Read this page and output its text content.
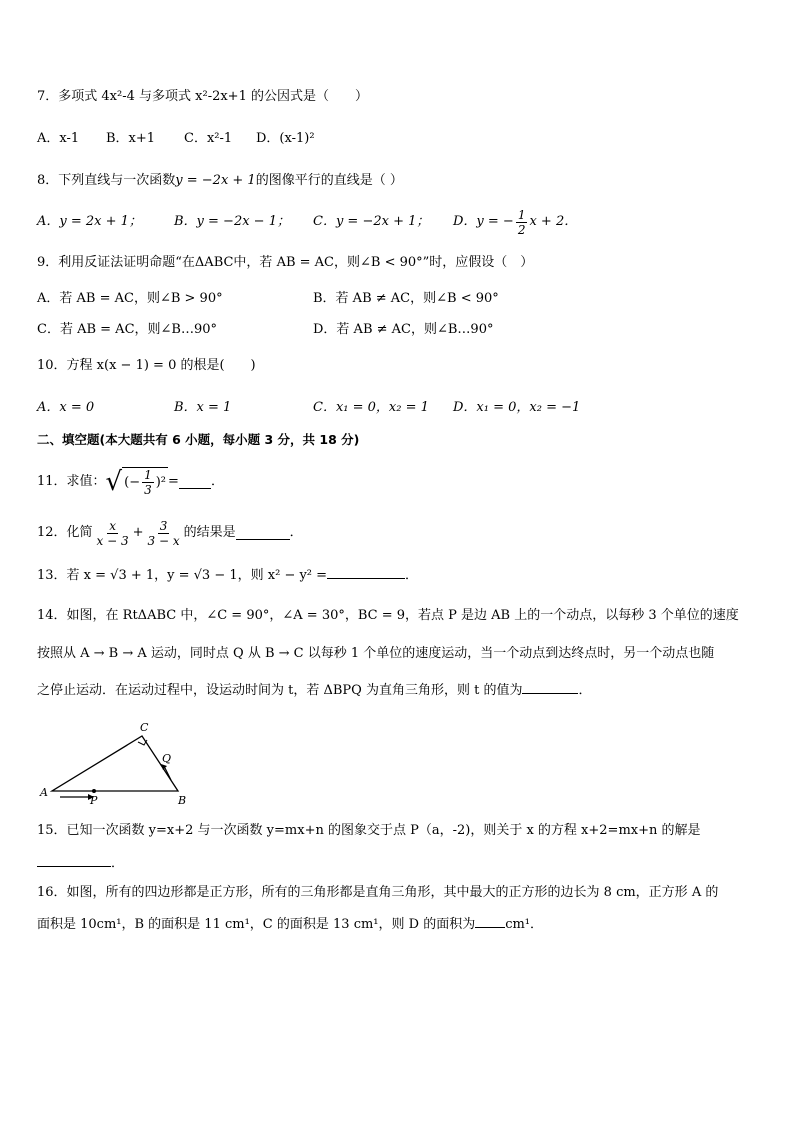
7．多项式 4x²-4 与多项式 x²-2x+1 的公因式是（　　）
A．x-1 B．x+1 C．x²-1 D．(x-1)²
8．下列直线与一次函数y = −2x + 1的图像平行的直线是（ ）
A．y = 2x + 1； B．y = −2x − 1； C．y = −2x + 1； D．y = − $\frac{1}{2}$ x + 2．
9．利用反证法证明命题“在ΔABC中，若 AB = AC，则∠B < 90°”时，应假设（　）
A．若 AB = AC，则∠B > 90°	B．若 AB ≠ AC，则∠B < 90°
C．若 AB = AC，则∠B…90°	D．若 AB ≠ AC，则∠B…90°
10．方程 x(x − 1) = 0 的根是(　　)
A．x = 0	B．x = 1	C．x₁ = 0，x₂ = 1 D．x₁ = 0，x₂ = −1
二、填空题(本大题共有 6 小题，每小题 3 分，共 18 分)
11．求值： √ (− $\frac{1}{3} )^2$ = ．
12．化简 $\frac{x}{x - 3} + \frac{3}{3 - x}$ 的结果是	．
13．若 x = √3 + 1，y = √3 − 1，则 x² − y² =	．
14．如图，在 RtΔABC 中，∠C = 90°，∠A = 30°，BC = 9，若点 P 是边 AB 上的一个动点，以每秒 3 个单位的速度
按照从 A → B → A 运动，同时点 Q 从 B → C 以每秒 1 个单位的速度运动，当一个动点到达终点时，另一个动点也随
之停止运动．在运动过程中，设运动时间为 t，若 ΔBPQ 为直角三角形，则 t 的值为	．
A
B
C
P
Q
15．已知一次函数 y=x+2 与一次函数 y=mx+n 的图象交于点 P（a，-2)，则关于 x 的方程 x+2=mx+n 的解是
．
16．如图，所有的四边形都是正方形，所有的三角形都是直角三角形，其中最大的正方形的边长为 8 cm，正方形 A 的
面积是 10cm¹，B 的面积是 11 cm¹，C 的面积是 13 cm¹，则 D 的面积为 cm¹．
